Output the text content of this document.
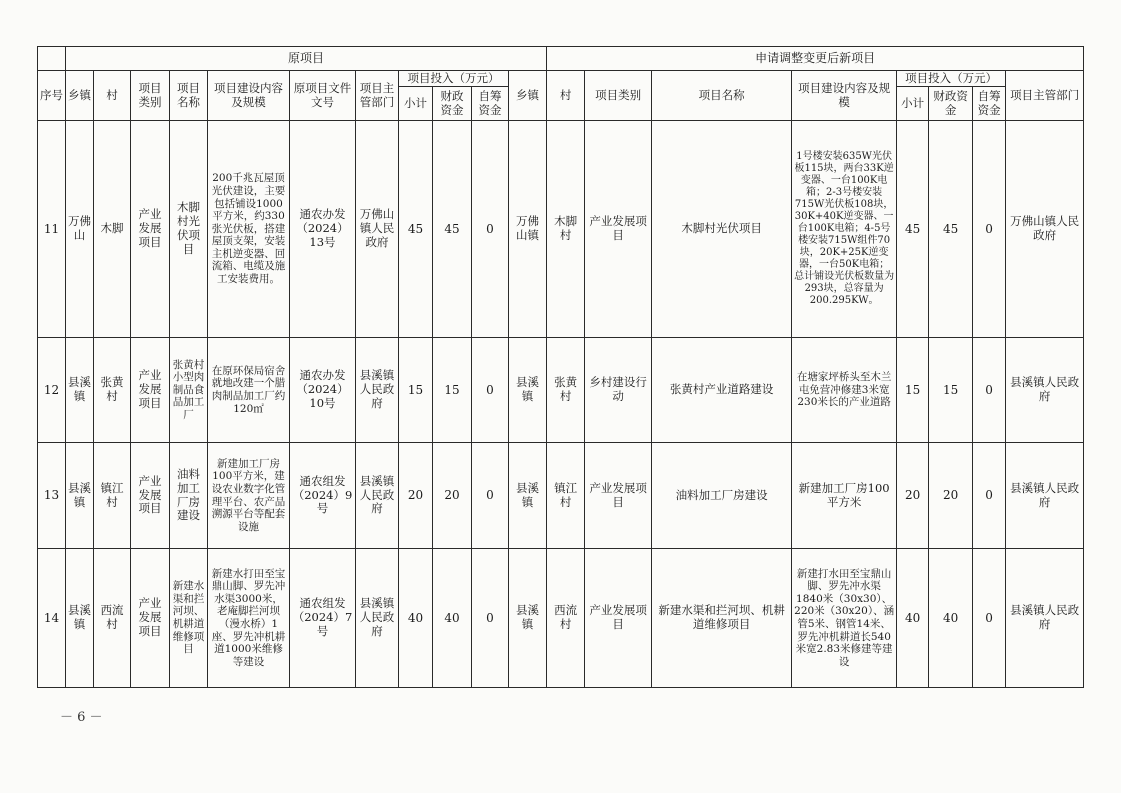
	原项目											申请调整变更后新项目							
序号	乡镇	村	项目类别	项目名称	项目建设内容及规模	原项目文件文号	项目主管部门	项目投入（万元）			乡镇	村	项目类别	项目名称	项目建设内容及规模	项目投入（万元）			项目主管部门
								小计	财政资金	自筹资金						小计	财政资金	自筹资金	
11	万佛山	木脚	产业发展项目	木脚村光伏项目	200千兆瓦屋顶光伏建设，主要包括铺设1000平方米，约330张光伏板，搭建屋顶支架，安装主机逆变器、回流箱、电缆及施工安装费用。	通农办发（2024）13号	万佛山镇人民政府	45	45	0	万佛山镇	木脚村	产业发展项目	木脚村光伏项目	1号楼安装635W光伏板115块，两台33K逆变器、一台100K电箱；2-3号楼安装715W光伏板108块，30K+40K逆变器、一台100K电箱；4-5号楼安装715W组件70块，20K+25K逆变器，一台50K电箱；总计铺设光伏板数量为293块，总容量为200.295KW。	45	45	0	万佛山镇人民政府
12	县溪镇	张黄村	产业发展项目	张黄村小型肉制品食品加工厂	在原环保局宿舍就地改建一个腊肉制品加工厂约120㎡	通农办发（2024）10号	县溪镇人民政府	15	15	0	县溪镇	张黄村	乡村建设行动	张黄村产业道路建设	在塘家坪桥头至木兰屯免营冲修建3米宽230米长的产业道路	15	15	0	县溪镇人民政府
13	县溪镇	镇江村	产业发展项目	油料加工厂房建设	新建加工厂房100平方米，建设农业数字化管理平台、农产品溯源平台等配套设施	通农组发（2024）9号	县溪镇人民政府	20	20	0	县溪镇	镇江村	产业发展项目	油料加工厂房建设	新建加工厂房100平方米	20	20	0	县溪镇人民政府
14	县溪镇	西流村	产业发展项目	新建水渠和拦河坝、机耕道维修项目	新建水打田至宝鼎山脚、罗先冲水渠3000米，老庵脚拦河坝（漫水桥）1座、罗先冲机耕道1000米维修等建设	通农组发（2024）7号	县溪镇人民政府	40	40	0	县溪镇	西流村	产业发展项目	新建水渠和拦河坝、机耕道维修项目	新建打水田至宝鼎山脚、罗先冲水渠1840米（30x30）、220米（30x20）、涵管5米、钢管14米、罗先冲机耕道长540米宽2.83米修建等建设	40	40	0	县溪镇人民政府
－ 6 －
